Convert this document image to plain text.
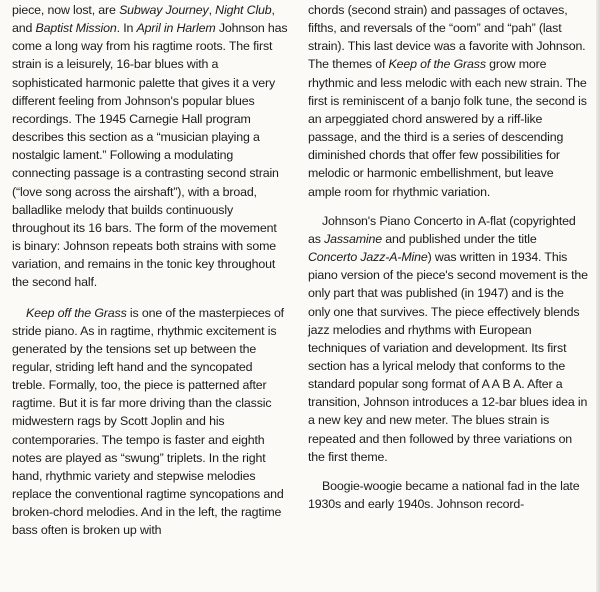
piece, now lost, are Subway Journey, Night Club, and Baptist Mission. In April in Harlem Johnson has come a long way from his ragtime roots. The first strain is a leisurely, 16-bar blues with a sophisticated harmonic palette that gives it a very different feeling from Johnson's popular blues recordings. The 1945 Carnegie Hall program describes this section as a “musician playing a nostalgic lament.” Following a modulating connecting passage is a contrasting second strain (“love song across the airshaft”), with a broad, balladlike melody that builds continuously throughout its 16 bars. The form of the movement is binary: Johnson repeats both strains with some variation, and remains in the tonic key throughout the second half.

Keep off the Grass is one of the masterpieces of stride piano. As in ragtime, rhythmic excitement is generated by the tensions set up between the regular, striding left hand and the syncopated treble. Formally, too, the piece is patterned after ragtime. But it is far more driving than the classic midwestern rags by Scott Joplin and his contemporaries. The tempo is faster and eighth notes are played as “swung” triplets. In the right hand, rhythmic variety and stepwise melodies replace the conventional ragtime syncopations and broken-chord melodies. And in the left, the ragtime bass often is broken up with

chords (second strain) and passages of octaves, fifths, and reversals of the “oom” and “pah” (last strain). This last device was a favorite with Johnson. The themes of Keep of the Grass grow more rhythmic and less melodic with each new strain. The first is reminiscent of a banjo folk tune, the second is an arpeggiated chord answered by a riff-like passage, and the third is a series of descending diminished chords that offer few possibilities for melodic or harmonic embellishment, but leave ample room for rhythmic variation.

Johnson's Piano Concerto in A-flat (copyrighted as Jassamine and published under the title Concerto Jazz-A-Mine) was written in 1934. This piano version of the piece's second movement is the only part that was published (in 1947) and is the only one that survives. The piece effectively blends jazz melodies and rhythms with European techniques of variation and development. Its first section has a lyrical melody that conforms to the standard popular song format of A A B A. After a transition, Johnson introduces a 12-bar blues idea in a new key and new meter. The blues strain is repeated and then followed by three variations on the first theme.

Boogie-woogie became a national fad in the late 1930s and early 1940s. Johnson record-
